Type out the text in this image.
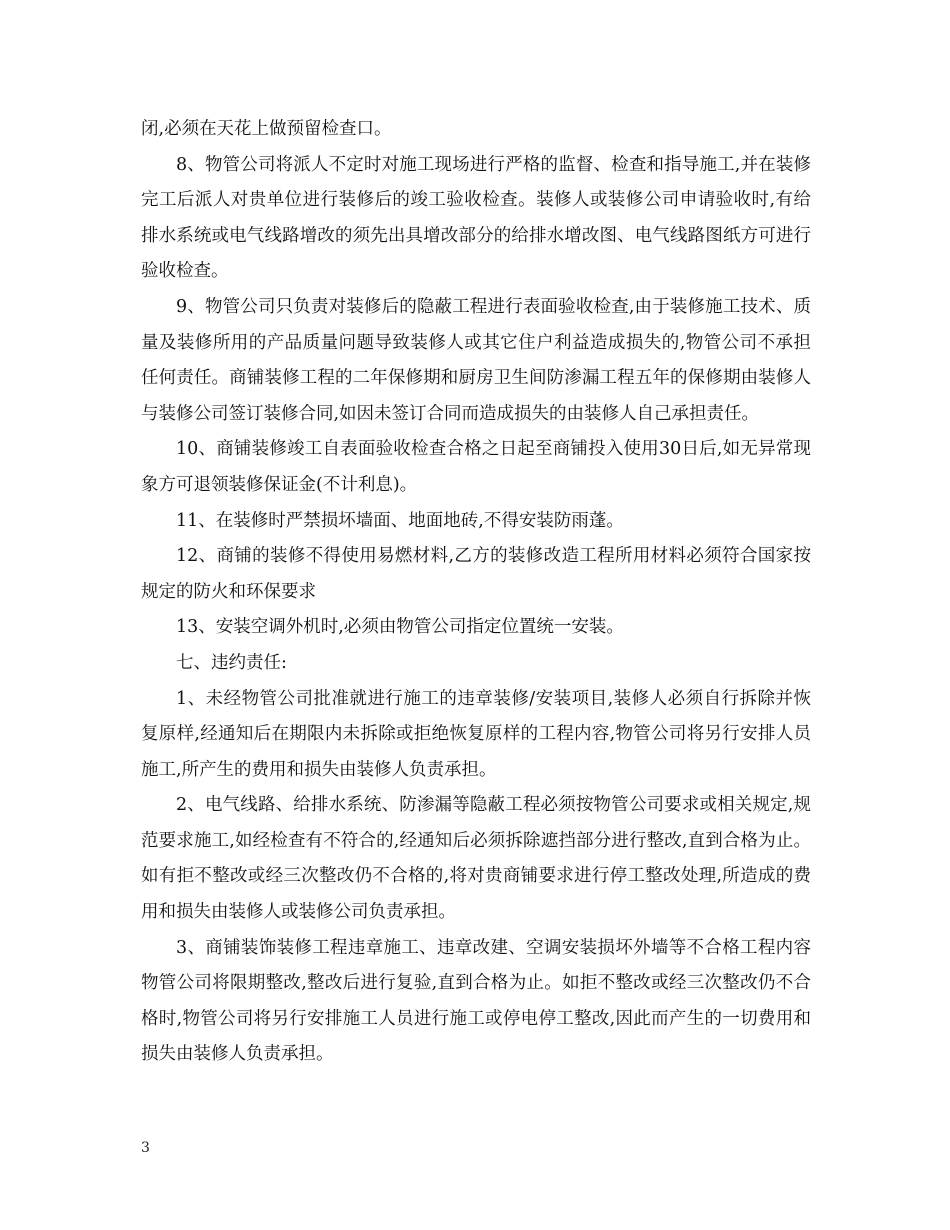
闭,必须在天花上做预留检查口。

8、物管公司将派人不定时对施工现场进行严格的监督、检查和指导施工,并在装修完工后派人对贵单位进行装修后的竣工验收检查。装修人或装修公司申请验收时,有给排水系统或电气线路增改的须先出具增改部分的给排水增改图、电气线路图纸方可进行验收检查。

9、物管公司只负责对装修后的隐蔽工程进行表面验收检查,由于装修施工技术、质量及装修所用的产品质量问题导致装修人或其它住户利益造成损失的,物管公司不承担任何责任。商铺装修工程的二年保修期和厨房卫生间防渗漏工程五年的保修期由装修人与装修公司签订装修合同,如因未签订合同而造成损失的由装修人自己承担责任。

10、商铺装修竣工自表面验收检查合格之日起至商铺投入使用30日后,如无异常现象方可退领装修保证金(不计利息)。

11、在装修时严禁损坏墙面、地面地砖,不得安装防雨蓬。

12、商铺的装修不得使用易燃材料,乙方的装修改造工程所用材料必须符合国家按规定的防火和环保要求

13、安装空调外机时,必须由物管公司指定位置统一安装。

七、违约责任:

1、未经物管公司批准就进行施工的违章装修/安装项目,装修人必须自行拆除并恢复原样,经通知后在期限内未拆除或拒绝恢复原样的工程内容,物管公司将另行安排人员施工,所产生的费用和损失由装修人负责承担。

2、电气线路、给排水系统、防渗漏等隐蔽工程必须按物管公司要求或相关规定,规范要求施工,如经检查有不符合的,经通知后必须拆除遮挡部分进行整改,直到合格为止。如有拒不整改或经三次整改仍不合格的,将对贵商铺要求进行停工整改处理,所造成的费用和损失由装修人或装修公司负责承担。

3、商铺装饰装修工程违章施工、违章改建、空调安装损坏外墙等不合格工程内容物管公司将限期整改,整改后进行复验,直到合格为止。如拒不整改或经三次整改仍不合格时,物管公司将另行安排施工人员进行施工或停电停工整改,因此而产生的一切费用和损失由装修人负责承担。

3
